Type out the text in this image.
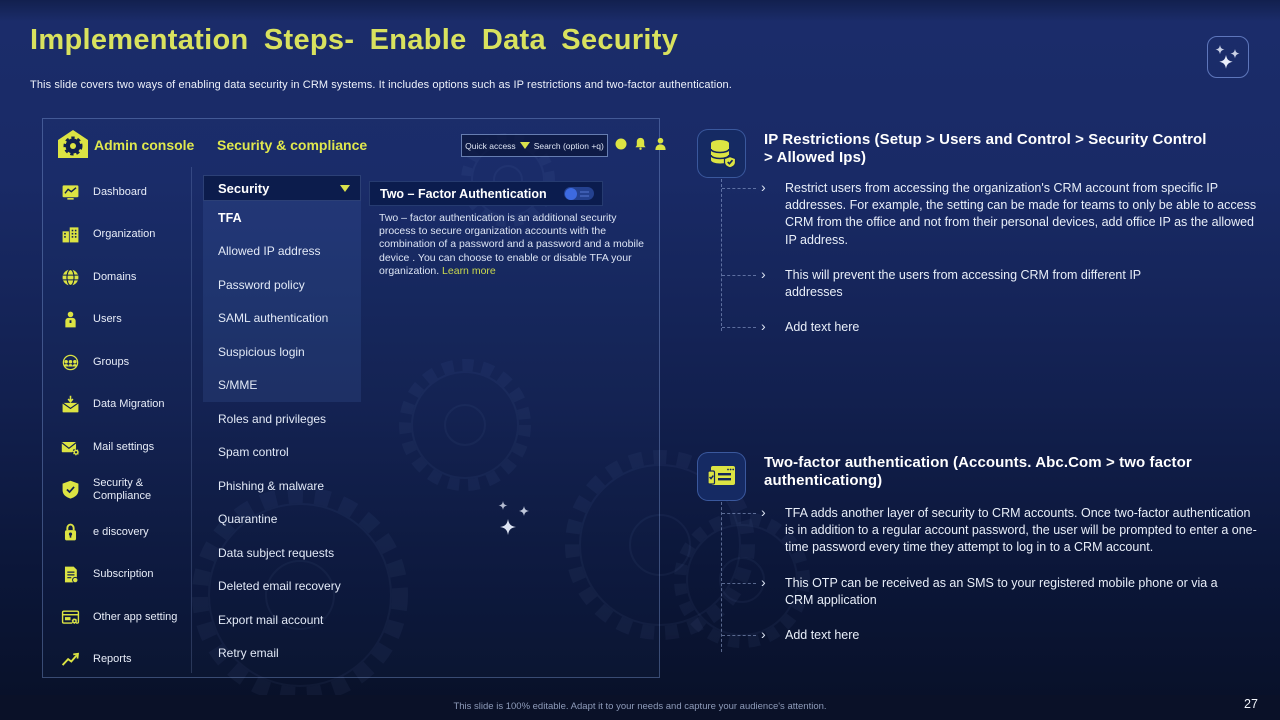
Implementation Steps- Enable Data Security
This slide covers two ways of enabling data security in CRM systems. It includes options such as IP restrictions and two-factor authentication.
Admin console Security & compliance	Quick access Search (option +q)
Dashboard
Organization
Domains
Users
Groups
Data Migration
Mail settings
Security & Compliance
e discovery
Subscription
Other app setting
Reports
Security
TFA
Allowed IP address
Password policy
SAML authentication
Suspicious login
S/MME
Roles and privileges
Spam control
Phishing & malware
Quarantine
Data subject requests
Deleted email recovery
Export mail account
Retry email
Two – Factor Authentication
Two – factor authentication is an additional security process to secure organization accounts with the combination of a password and a password and a mobile device . You can choose to enable or disable TFA your organization. Learn more
IP Restrictions (Setup > Users and Control > Security Control > Allowed Ips)
› Restrict users from accessing the organization's CRM account from specific IP addresses. For example, the setting can be made for teams to only be able to access CRM from the office and not from their personal devices, add office IP as the allowed IP address.
› This will prevent the users from accessing CRM from different IP addresses
› Add text here
Two-factor authentication (Accounts. Abc.Com > two factor authenticationg)
› TFA adds another layer of security to CRM accounts. Once two-factor authentication is in addition to a regular account password, the user will be prompted to enter a one-time password every time they attempt to log in to a CRM account.
› This OTP can be received as an SMS to your registered mobile phone or via a CRM application
› Add text here
This slide is 100% editable. Adapt it to your needs and capture your audience's attention.	27
